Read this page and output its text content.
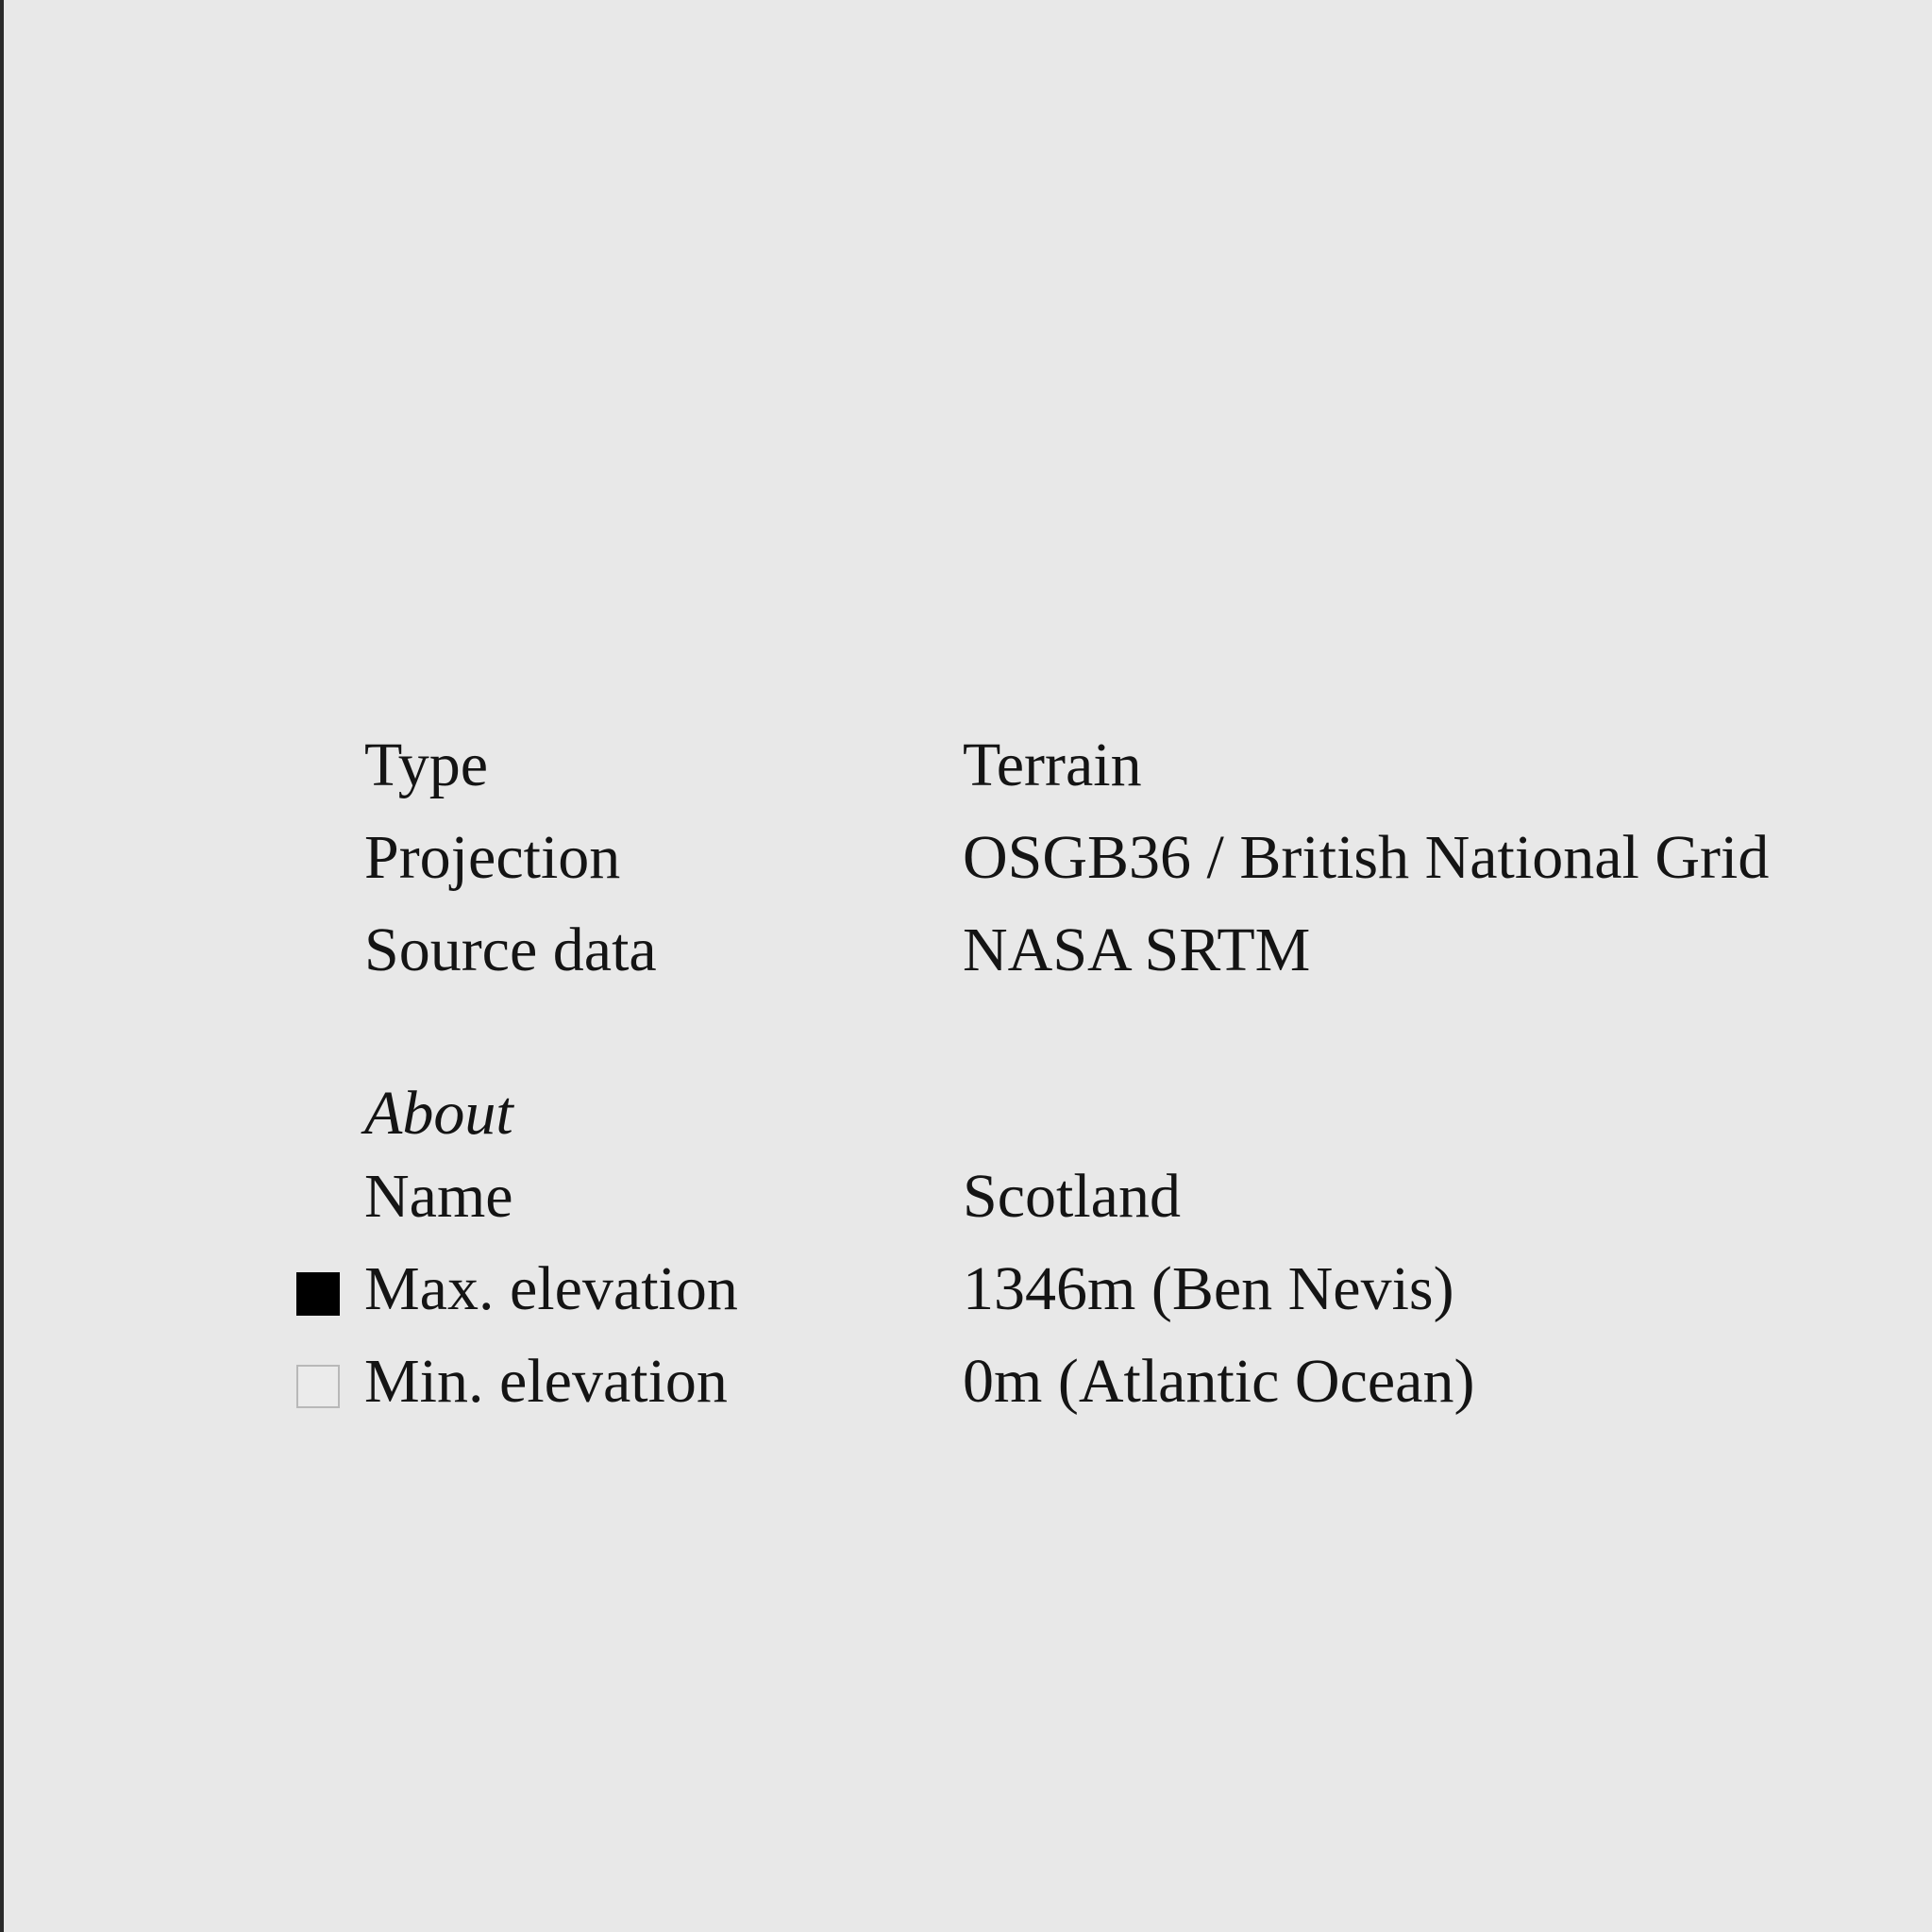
Type	Terrain
Projection	OSGB36 / British National Grid
Source data	NASA SRTM
About
Name	Scotland
Max. elevation	1346m (Ben Nevis)
Min. elevation	0m (Atlantic Ocean)
